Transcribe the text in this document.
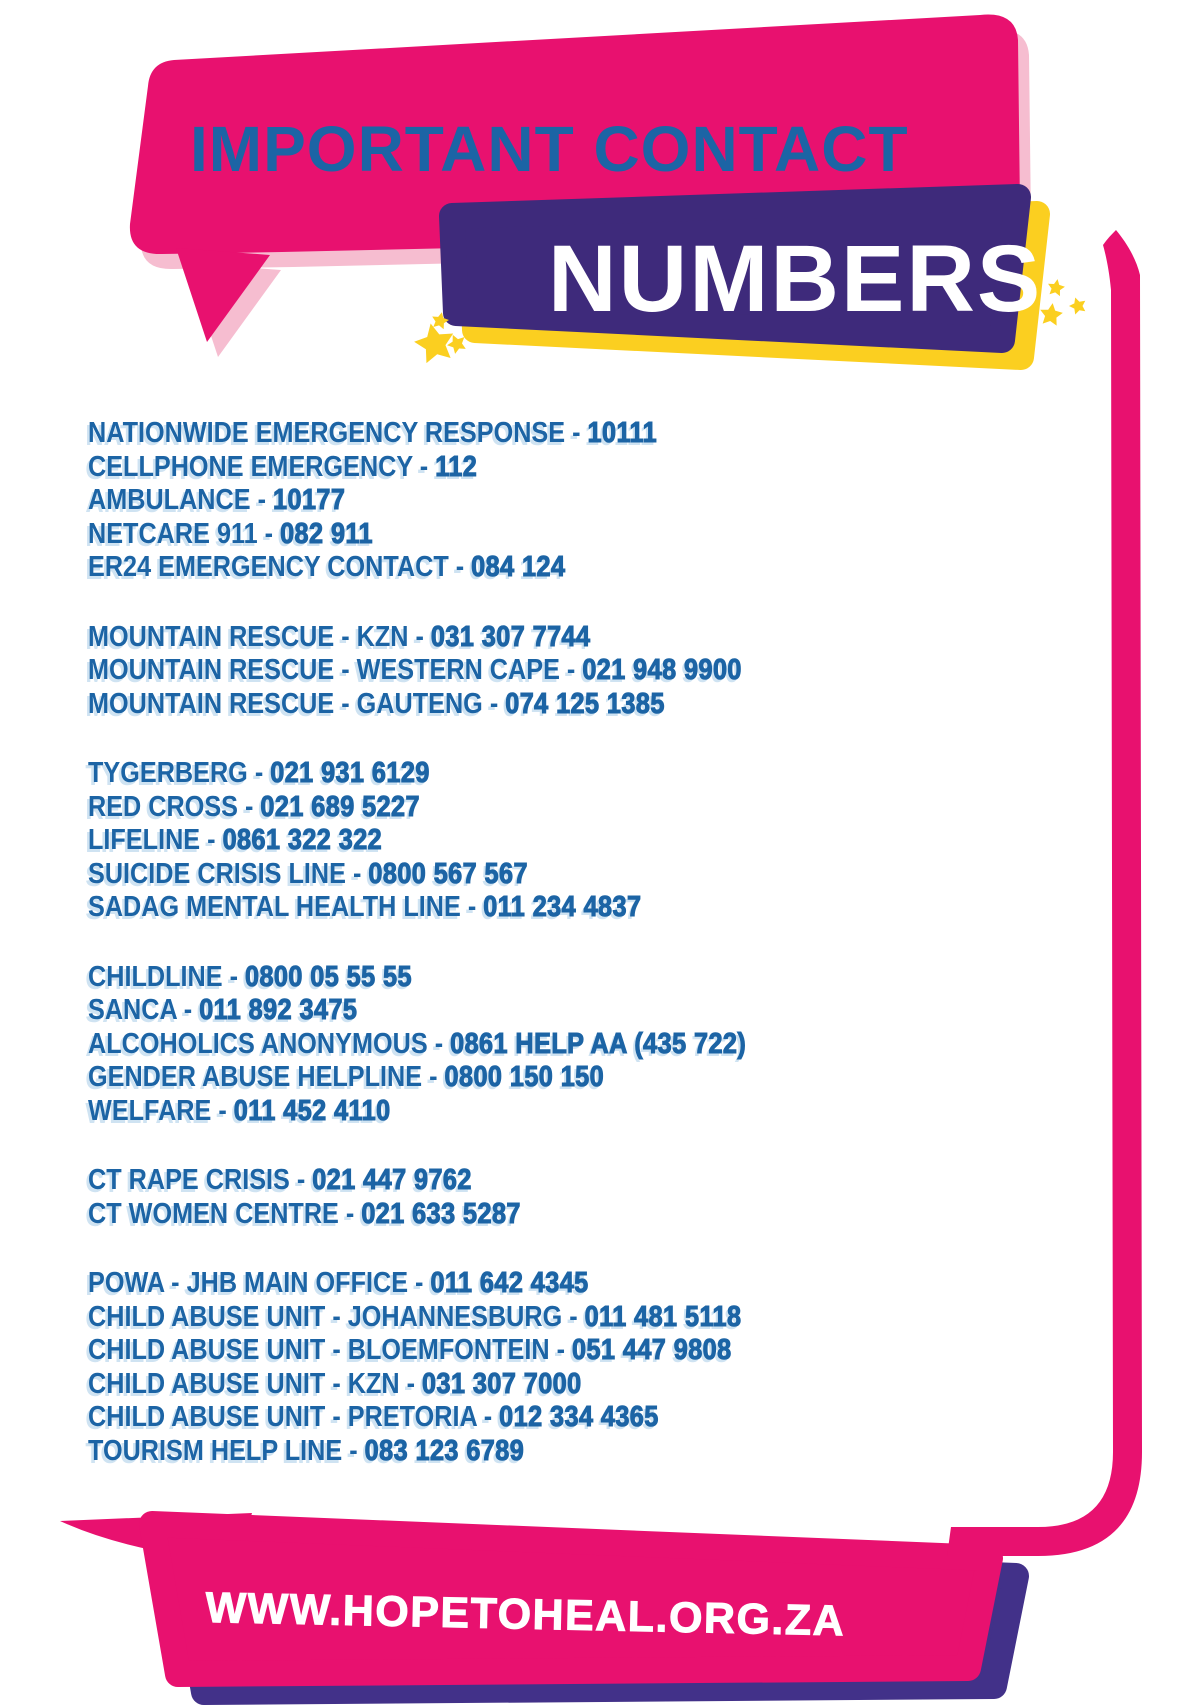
IMPORTANT CONTACT
NUMBERS
NATIONWIDE EMERGENCY RESPONSE - 10111
CELLPHONE EMERGENCY - 112
AMBULANCE - 10177
NETCARE 911 - 082 911
ER24 EMERGENCY CONTACT - 084 124
MOUNTAIN RESCUE - KZN - 031 307 7744
MOUNTAIN RESCUE - WESTERN CAPE - 021 948 9900
MOUNTAIN RESCUE - GAUTENG - 074 125 1385
TYGERBERG - 021 931 6129
RED CROSS - 021 689 5227
LIFELINE - 0861 322 322
SUICIDE CRISIS LINE - 0800 567 567
SADAG MENTAL HEALTH LINE - 011 234 4837
CHILDLINE - 0800 05 55 55
SANCA - 011 892 3475
ALCOHOLICS ANONYMOUS - 0861 HELP AA (435 722)
GENDER ABUSE HELPLINE - 0800 150 150
WELFARE - 011 452 4110
CT RAPE CRISIS - 021 447 9762
CT WOMEN CENTRE - 021 633 5287
POWA - JHB MAIN OFFICE - 011 642 4345
CHILD ABUSE UNIT - JOHANNESBURG - 011 481 5118
CHILD ABUSE UNIT - BLOEMFONTEIN - 051 447 9808
CHILD ABUSE UNIT - KZN - 031 307 7000
CHILD ABUSE UNIT - PRETORIA - 012 334 4365
TOURISM HELP LINE - 083 123 6789
WWW.HOPETOHEAL.ORG.ZA
